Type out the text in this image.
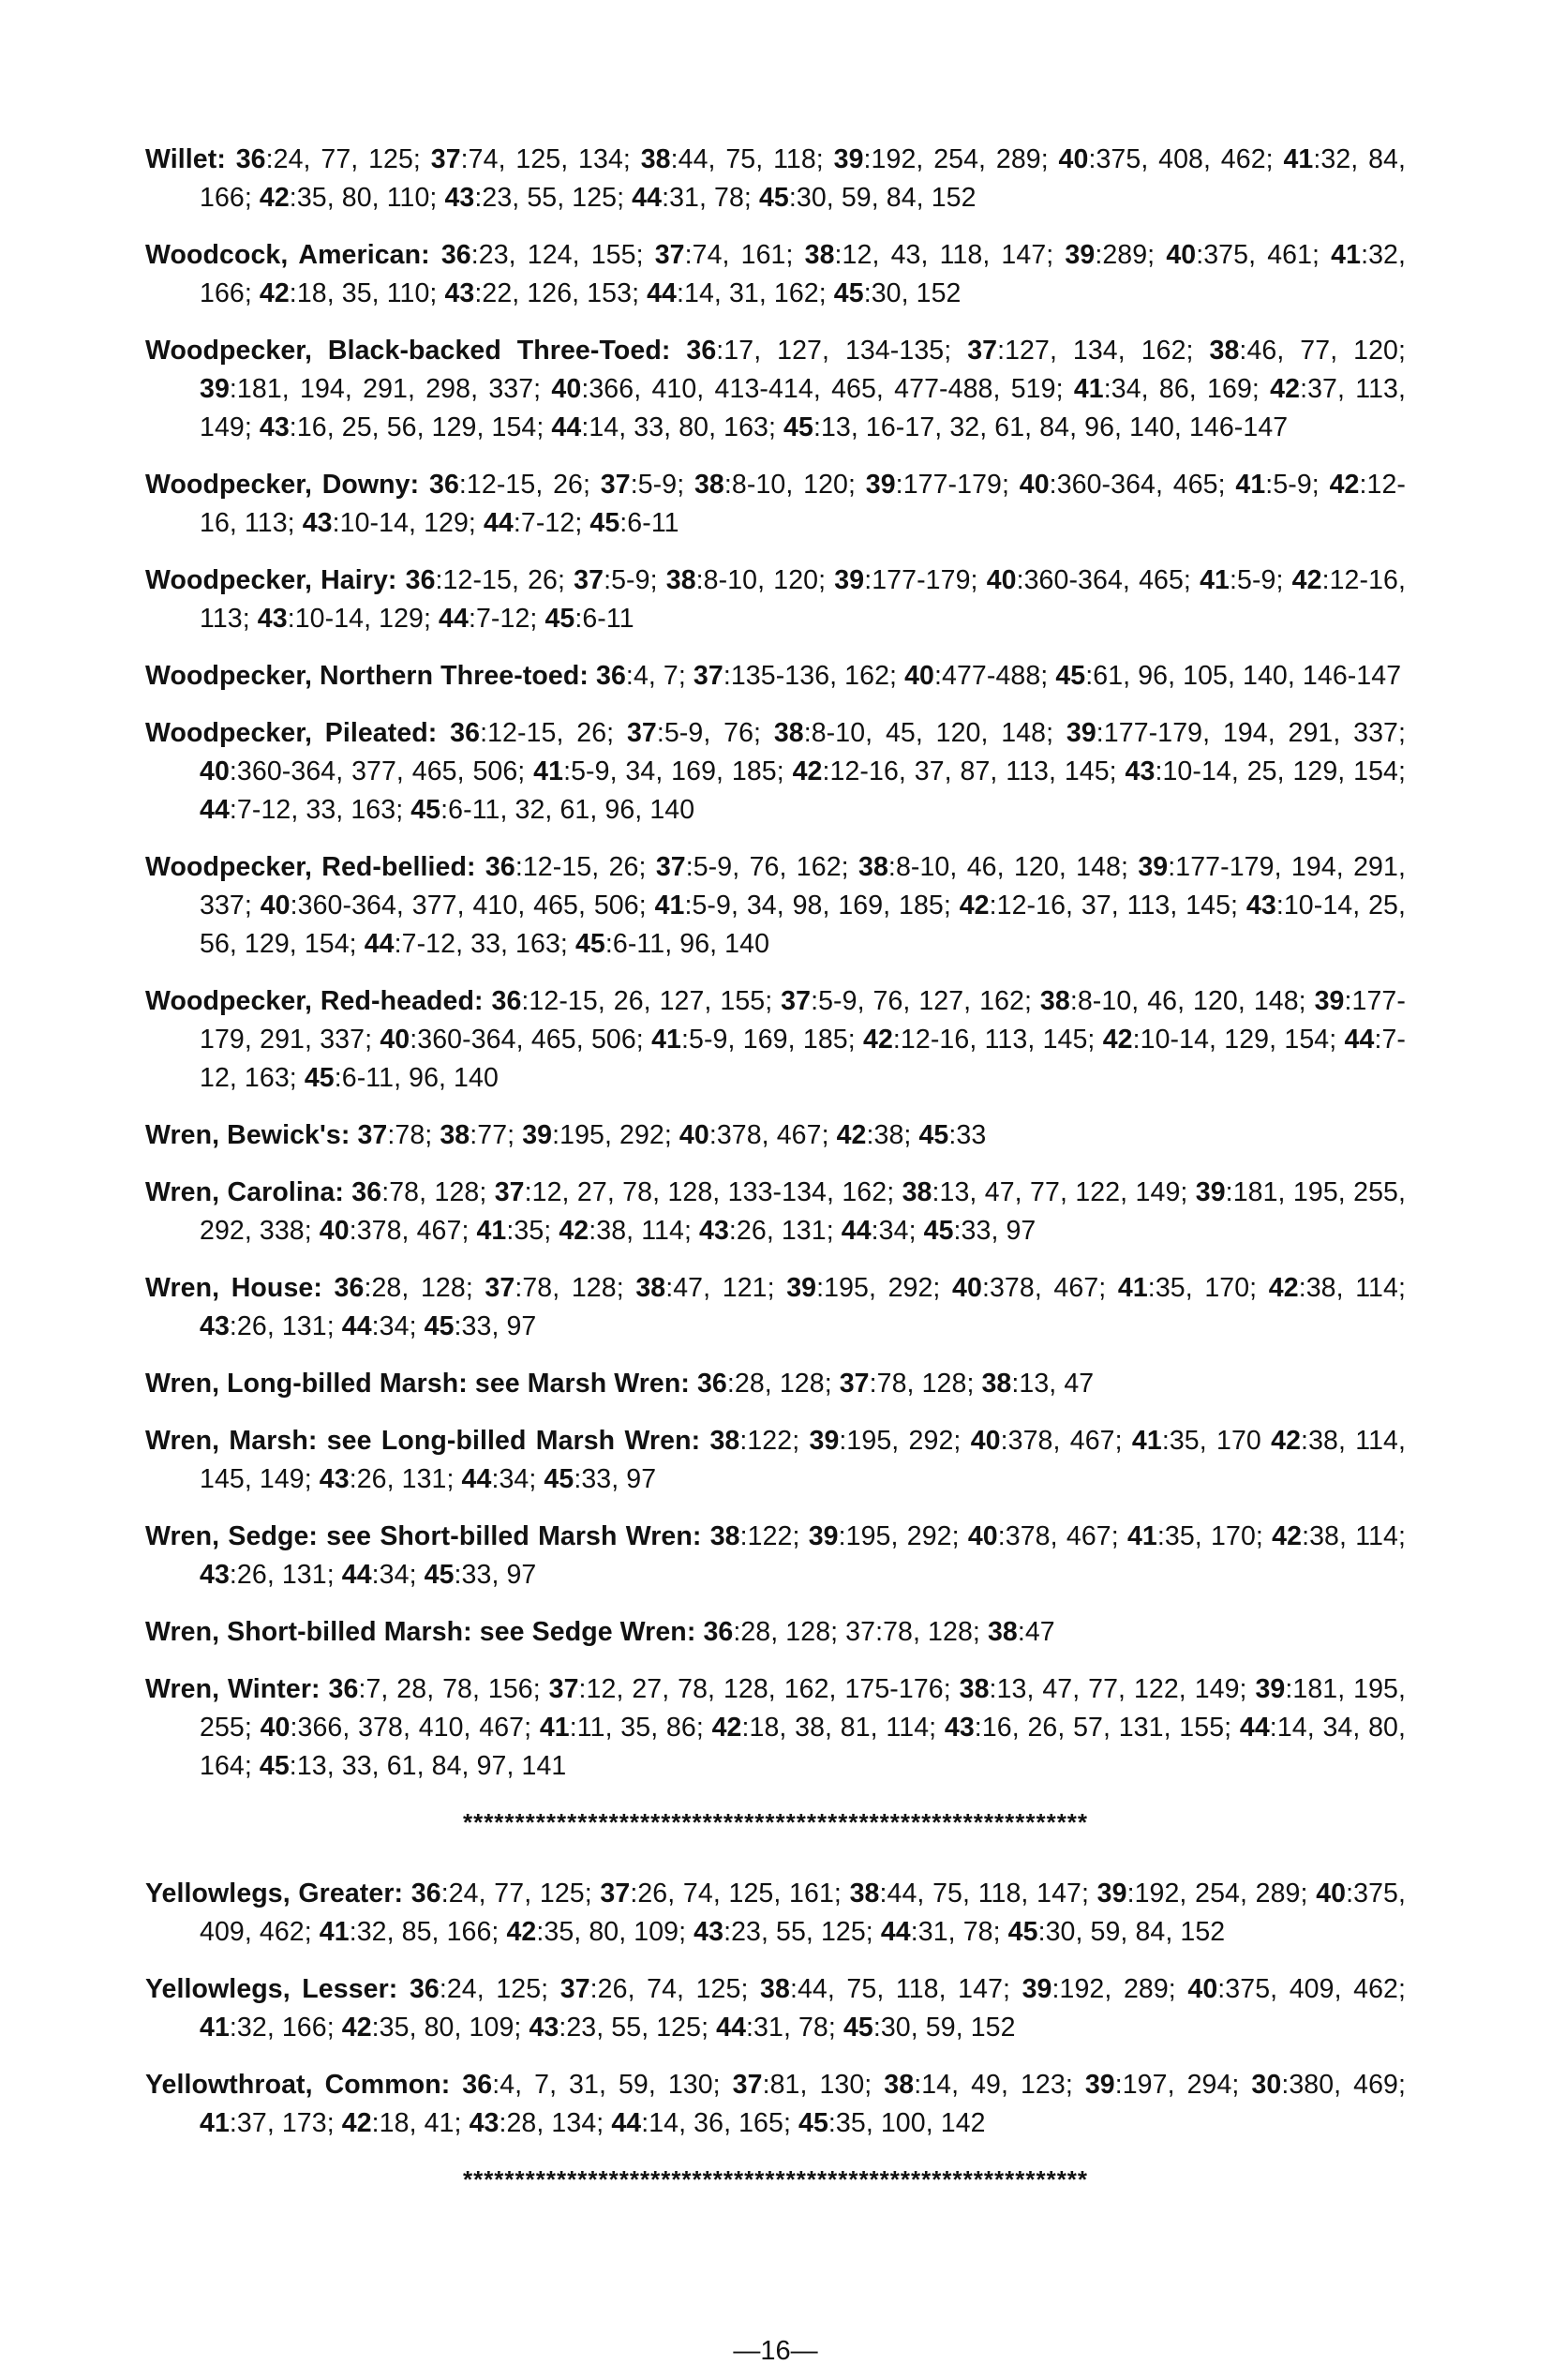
Willet: 36:24, 77, 125; 37:74, 125, 134; 38:44, 75, 118; 39:192, 254, 289; 40:375, 408, 462; 41:32, 84, 166; 42:35, 80, 110; 43:23, 55, 125; 44:31, 78; 45:30, 59, 84, 152
Woodcock, American: 36:23, 124, 155; 37:74, 161; 38:12, 43, 118, 147; 39:289; 40:375, 461; 41:32, 166; 42:18, 35, 110; 43:22, 126, 153; 44:14, 31, 162; 45:30, 152
Woodpecker, Black-backed Three-Toed: 36:17, 127, 134-135; 37:127, 134, 162; 38:46, 77, 120; 39:181, 194, 291, 298, 337; 40:366, 410, 413-414, 465, 477-488, 519; 41:34, 86, 169; 42:37, 113, 149; 43:16, 25, 56, 129, 154; 44:14, 33, 80, 163; 45:13, 16-17, 32, 61, 84, 96, 140, 146-147
Woodpecker, Downy: 36:12-15, 26; 37:5-9; 38:8-10, 120; 39:177-179; 40:360-364, 465; 41:5-9; 42:12-16, 113; 43:10-14, 129; 44:7-12; 45:6-11
Woodpecker, Hairy: 36:12-15, 26; 37:5-9; 38:8-10, 120; 39:177-179; 40:360-364, 465; 41:5-9; 42:12-16, 113; 43:10-14, 129; 44:7-12; 45:6-11
Woodpecker, Northern Three-toed: 36:4, 7; 37:135-136, 162; 40:477-488; 45:61, 96, 105, 140, 146-147
Woodpecker, Pileated: 36:12-15, 26; 37:5-9, 76; 38:8-10, 45, 120, 148; 39:177-179, 194, 291, 337; 40:360-364, 377, 465, 506; 41:5-9, 34, 169, 185; 42:12-16, 37, 87, 113, 145; 43:10-14, 25, 129, 154; 44:7-12, 33, 163; 45:6-11, 32, 61, 96, 140
Woodpecker, Red-bellied: 36:12-15, 26; 37:5-9, 76, 162; 38:8-10, 46, 120, 148; 39:177-179, 194, 291, 337; 40:360-364, 377, 410, 465, 506; 41:5-9, 34, 98, 169, 185; 42:12-16, 37, 113, 145; 43:10-14, 25, 56, 129, 154; 44:7-12, 33, 163; 45:6-11, 96, 140
Woodpecker, Red-headed: 36:12-15, 26, 127, 155; 37:5-9, 76, 127, 162; 38:8-10, 46, 120, 148; 39:177-179, 291, 337; 40:360-364, 465, 506; 41:5-9, 169, 185; 42:12-16, 113, 145; 42:10-14, 129, 154; 44:7-12, 163; 45:6-11, 96, 140
Wren, Bewick's: 37:78; 38:77; 39:195, 292; 40:378, 467; 42:38; 45:33
Wren, Carolina: 36:78, 128; 37:12, 27, 78, 128, 133-134, 162; 38:13, 47, 77, 122, 149; 39:181, 195, 255, 292, 338; 40:378, 467; 41:35; 42:38, 114; 43:26, 131; 44:34; 45:33, 97
Wren, House: 36:28, 128; 37:78, 128; 38:47, 121; 39:195, 292; 40:378, 467; 41:35, 170; 42:38, 114; 43:26, 131; 44:34; 45:33, 97
Wren, Long-billed Marsh: see Marsh Wren: 36:28, 128; 37:78, 128; 38:13, 47
Wren, Marsh: see Long-billed Marsh Wren: 38:122; 39:195, 292; 40:378, 467; 41:35, 170 42:38, 114, 145, 149; 43:26, 131; 44:34; 45:33, 97
Wren, Sedge: see Short-billed Marsh Wren: 38:122; 39:195, 292; 40:378, 467; 41:35, 170; 42:38, 114; 43:26, 131; 44:34; 45:33, 97
Wren, Short-billed Marsh: see Sedge Wren: 36:28, 128; 37:78, 128; 38:47
Wren, Winter: 36:7, 28, 78, 156; 37:12, 27, 78, 128, 162, 175-176; 38:13, 47, 77, 122, 149; 39:181, 195, 255; 40:366, 378, 410, 467; 41:11, 35, 86; 42:18, 38, 81, 114; 43:16, 26, 57, 131, 155; 44:14, 34, 80, 164; 45:13, 33, 61, 84, 97, 141
************************************************************
Yellowlegs, Greater: 36:24, 77, 125; 37:26, 74, 125, 161; 38:44, 75, 118, 147; 39:192, 254, 289; 40:375, 409, 462; 41:32, 85, 166; 42:35, 80, 109; 43:23, 55, 125; 44:31, 78; 45:30, 59, 84, 152
Yellowlegs, Lesser: 36:24, 125; 37:26, 74, 125; 38:44, 75, 118, 147; 39:192, 289; 40:375, 409, 462; 41:32, 166; 42:35, 80, 109; 43:23, 55, 125; 44:31, 78; 45:30, 59, 152
Yellowthroat, Common: 36:4, 7, 31, 59, 130; 37:81, 130; 38:14, 49, 123; 39:197, 294; 30:380, 469; 41:37, 173; 42:18, 41; 43:28, 134; 44:14, 36, 165; 45:35, 100, 142
************************************************************
—16—
